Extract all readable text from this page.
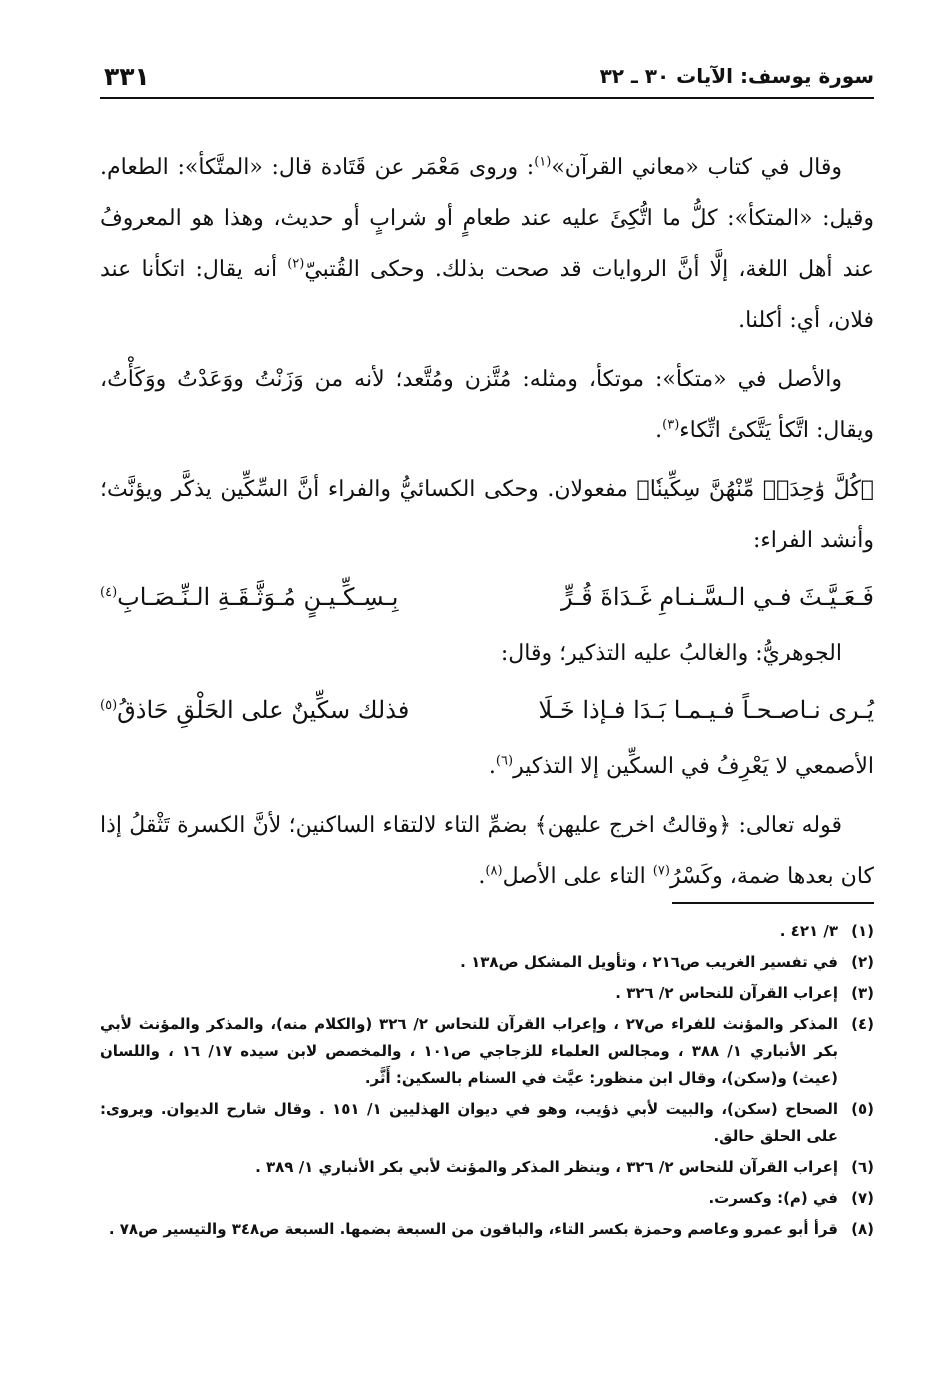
سورة يوسف: الآيات ٣٠ ـ ٣٢
٣٣١

وقال في كتاب «معاني القرآن»$^{(١)}$: وروى مَعْمَر عن قَتَادة قال: «المتَّكأ»: الطعام. وقيل: «المتكأ»: كلُّ ما اتُّكِئَ عليه عند طعامٍ أو شرابٍ أو حديث، وهذا هو المعروفُ عند أهل اللغة، إلَّا أنَّ الروايات قد صحت بذلك. وحكى القُتبيّ$^{(٢)}$ أنه يقال: اتكأنا عند فلان، أي: أكلنا.

والأصل في «متكأ»: موتكأ، ومثله: مُتَّزن ومُتَّعد؛ لأنه من وَزَنْتُ ووَعَدْتُ ووَكَأْتُ، ويقال: اتَّكأ يَتَّكئ اتِّكاء$^{(٣)}$.

﴿كُلَّ وَٰحِدَةٖ مِّنْهُنَّ سِكِّينٗا﴾ مفعولان. وحكى الكسائيُّ والفراء أنَّ السِّكِّين يذكَّر ويؤنَّث؛ وأنشد الفراء:

فَـعَـيَّـثَ فـي الـسَّـنـامِ غَـدَاةَ قُـرٍّ
بِـسِـكِّـيـنٍ مُـوَثَّـقَـةِ الـنِّـصَـابِ$^{(٤)}$

الجوهريُّ: والغالبُ عليه التذكير؛ وقال:

يُـرى نـاصـحـاً فـيـمـا بَـدَا فـإذا خَـلَا
فذلك سكِّينٌ على الحَلْقِ حَاذقُ$^{(٥)}$

الأصمعي لا يَعْرِفُ في السكِّين إلا التذكير$^{(٦)}$.

قوله تعالى: ﴿وقالتُ اخرج عليهن﴾ بضمِّ التاء لالتقاء الساكنين؛ لأنَّ الكسرة تَثْقلُ إذا كان بعدها ضمة، وكَسْرُ$^{(٧)}$ التاء على الأصل$^{(٨)}$.

(١)
٣/ ٤٢١ .
(٢)
في تفسير الغريب ص٢١٦ ، وتأويل المشكل ص١٣٨ .
(٣)
إعراب القرآن للنحاس ٢/ ٣٢٦ .
(٤)
المذكر والمؤنث للفراء ص٢٧ ، وإعراب القرآن للنحاس ٢/ ٣٢٦ (والكلام منه)، والمذكر والمؤنث لأبي بكر الأنباري ١/ ٣٨٨ ، ومجالس العلماء للزجاجي ص١٠١ ، والمخصص لابن سيده ١٧/ ١٦ ، واللسان (عيث) و(سكن)، وقال ابن منظور: عيَّث في السنام بالسكين: أَثَّر.
(٥)
الصحاح (سكن)، والبيت لأبي ذؤيب، وهو في ديوان الهذليين ١/ ١٥١ . وقال شارح الديوان. ويروى: على الحلق حالق.
(٦)
إعراب القرآن للنحاس ٢/ ٣٢٦ ، وينظر المذكر والمؤنث لأبي بكر الأنباري ١/ ٣٨٩ .
(٧)
في (م): وكسرت.
(٨)
قرأ أبو عمرو وعاصم وحمزة بكسر التاء، والباقون من السبعة بضمها. السبعة ص٣٤٨ والتيسير ص٧٨ .
